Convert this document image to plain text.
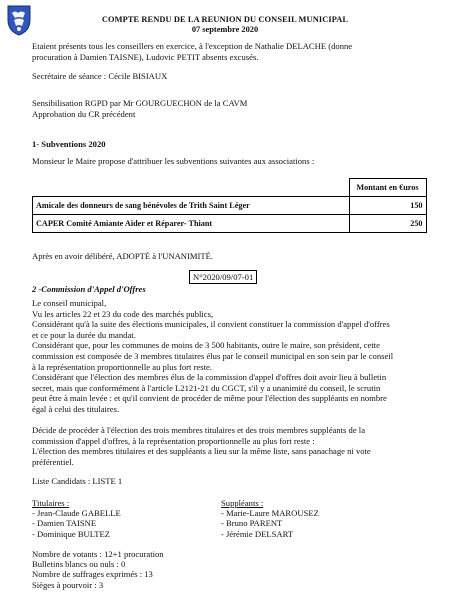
COMPTE RENDU DE LA REUNION DU CONSEIL MUNICIPAL
07 septembre 2020
Etaient présents tous les conseillers en exercice, à l'exception de Nathalie DELACHE (donne
procuration à Damien TAISNE), Ludovic PETIT absents excusés.
Secrétaire de séance : Cécile BISIAUX
Sensibilisation RGPD par Mr GOURGUECHON de la CAVM
Approbation du CR précédent
1- Subventions 2020
Monsieur le Maire propose d'attribuer les subventions suivantes aux associations :
	Montant en €uros
Amicale des donneurs de sang bénévoles de Trith Saint Léger	150
CAPER Comité Amiante Aider et Réparer- Thiant	250
Après en avoir délibéré, ADOPTÉ à l'UNANIMITÉ.
N°2020/09/07-01
2 -Commission d'Appel d'Offres
Le conseil municipal,
Vu les articles 22 et 23 du code des marchés publics,
Considérant qu'à la suite des élections municipales, il convient constituer la commission d'appel d'offres
et ce pour la durée du mandat.
Considérant que, pour les communes de moins de 3 500 habitants, outre le maire, son président, cette
commission est composée de 3 membres titulaires élus par le conseil municipal en son sein par le conseil
à la représentation proportionnelle au plus fort reste.
Considérant que l'élection des membres élus de la commission d'appel d'offres doit avoir lieu à bulletin
secret, mais que conformément à l'article L2121-21 du CGCT, s'il y a unanimité du conseil, le scrutin
peut être à main levée : et qu'il convient de procéder de même pour l'élection des suppléants en nombre
égal à celui des titulaires.
Décide de procéder à l'élection des trois membres titulaires et des trois membres suppléants de la
commission d'appel d'offres, à la représentation proportionnelle au plus fort reste :
L'élection des membres titulaires et des suppléants a lieu sur la même liste, sans panachage ni vote
préférentiel.
Liste Candidats : LISTE 1
Titulaires :
- Jean-Claude GABELLE
- Damien TAISNE
- Dominique BULTEZ
Suppléants :
- Marie-Laure MAROUSEZ
- Bruno PARENT
- Jérémie DELSART
Nombre de votants : 12+1 procuration
Bulletins blancs ou nuls : 0
Nombre de suffrages exprimés : 13
Sièges à pourvoir : 3
